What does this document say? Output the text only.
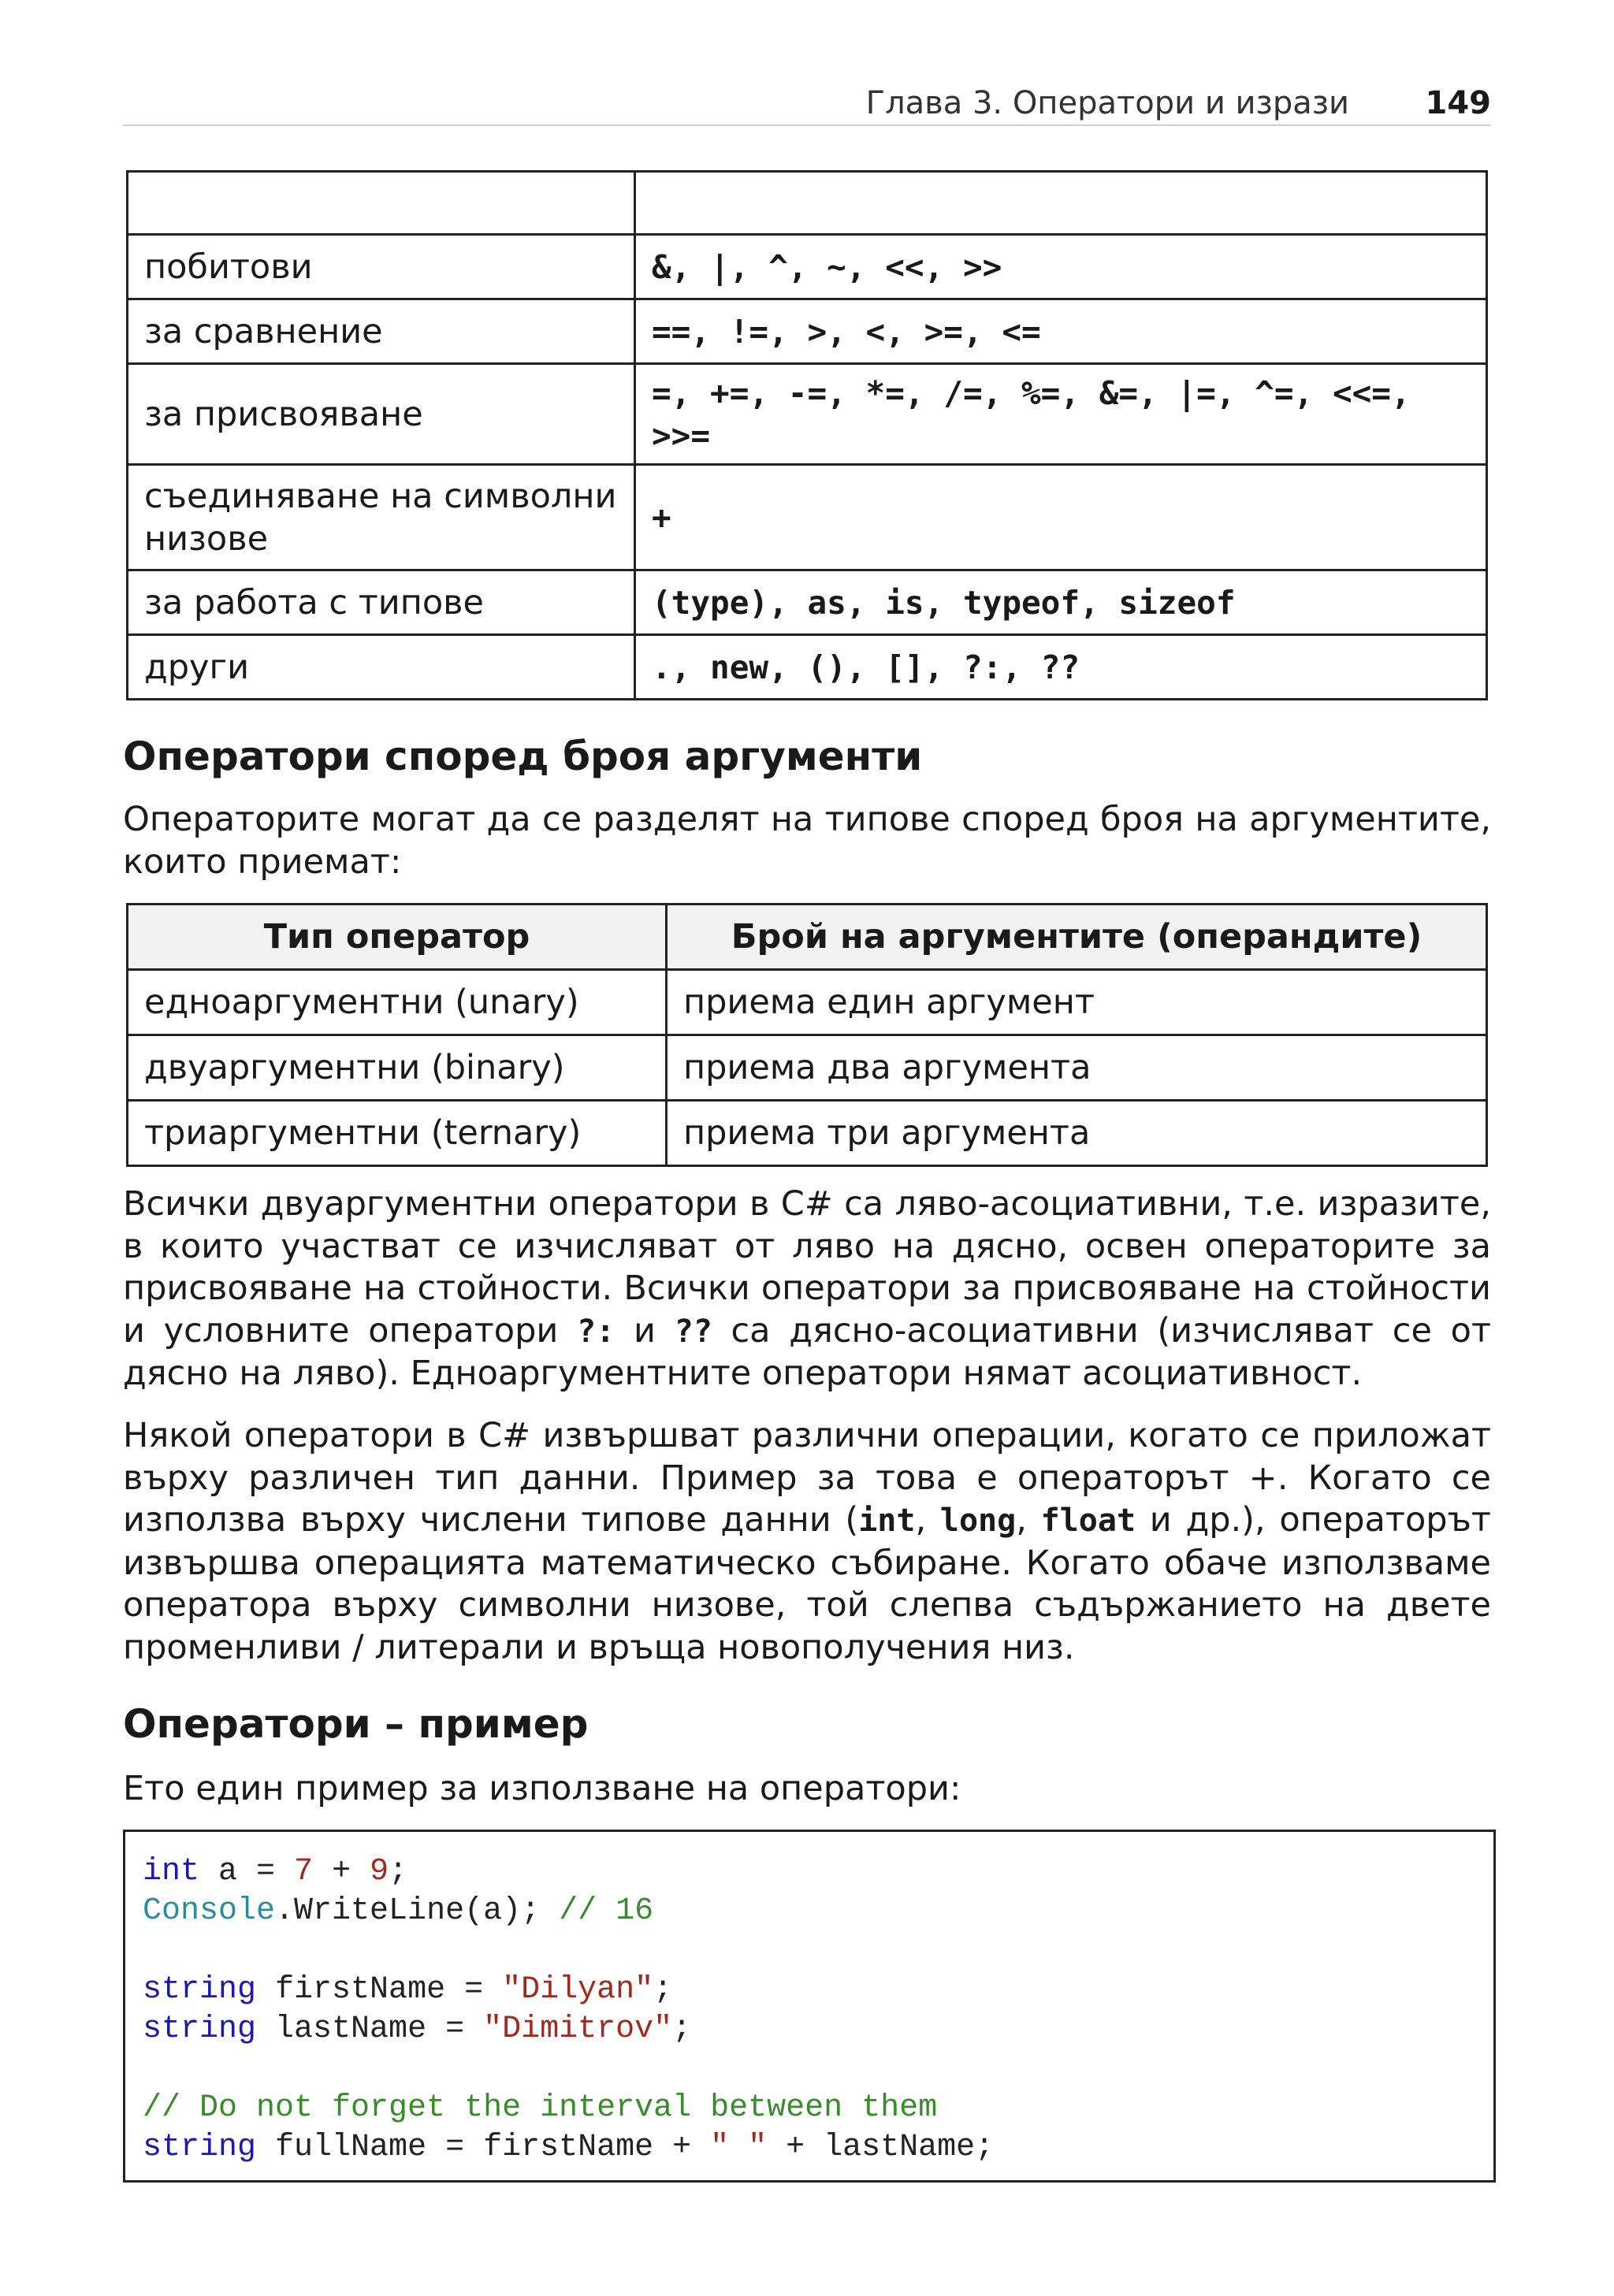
Глава 3. Оператори и изрази 149

побитови	&, |, ^, ~, <<, >>
за сравнение	==, !=, >, <, >=, <=
за присвояване	=, +=, -=, *=, /=, %=, &=, |=, ^=, <<=, >>=
съединяване на символни низове	+
за работа с типове	(type), as, is, typeof, sizeof
други	., new, (), [], ?:, ??
Оператори според броя аргументи

Операторите могат да се разделят на типове според броя на аргументите, които приемат:

Тип оператор	Брой на аргументите (операндите)
едноаргументни (unary)	приема един аргумент
двуаргументни (binary)	приема два аргумента
триаргументни (ternary)	приема три аргумента

Всички двуаргументни оператори в C# са ляво-асоциативни, т.е. изразите, в които участват се изчисляват от ляво на дясно, освен операторите за присвояване на стойности. Всички оператори за присвояване на стойности и условните оператори ?: и ?? са дясно-асоциативни (изчисляват се от дясно на ляво). Едноаргументните оператори нямат асоциативност.

Някой оператори в C# извършват различни операции, когато се приложат върху различен тип данни. Пример за това е операторът +. Когато се използва върху числени типове данни (int, long, float и др.), операторът извършва операцията математическо събиране. Когато обаче използваме оператора върху символни низове, той слепва съдържанието на двете променливи / литерали и връща новополучения низ.

Оператори – пример

Ето един пример за използване на оператори:

int a = 7 + 9;
Console.WriteLine(a); // 16

string firstName = "Dilyan";
string lastName = "Dimitrov";

// Do not forget the interval between them
string fullName = firstName + " " + lastName;
